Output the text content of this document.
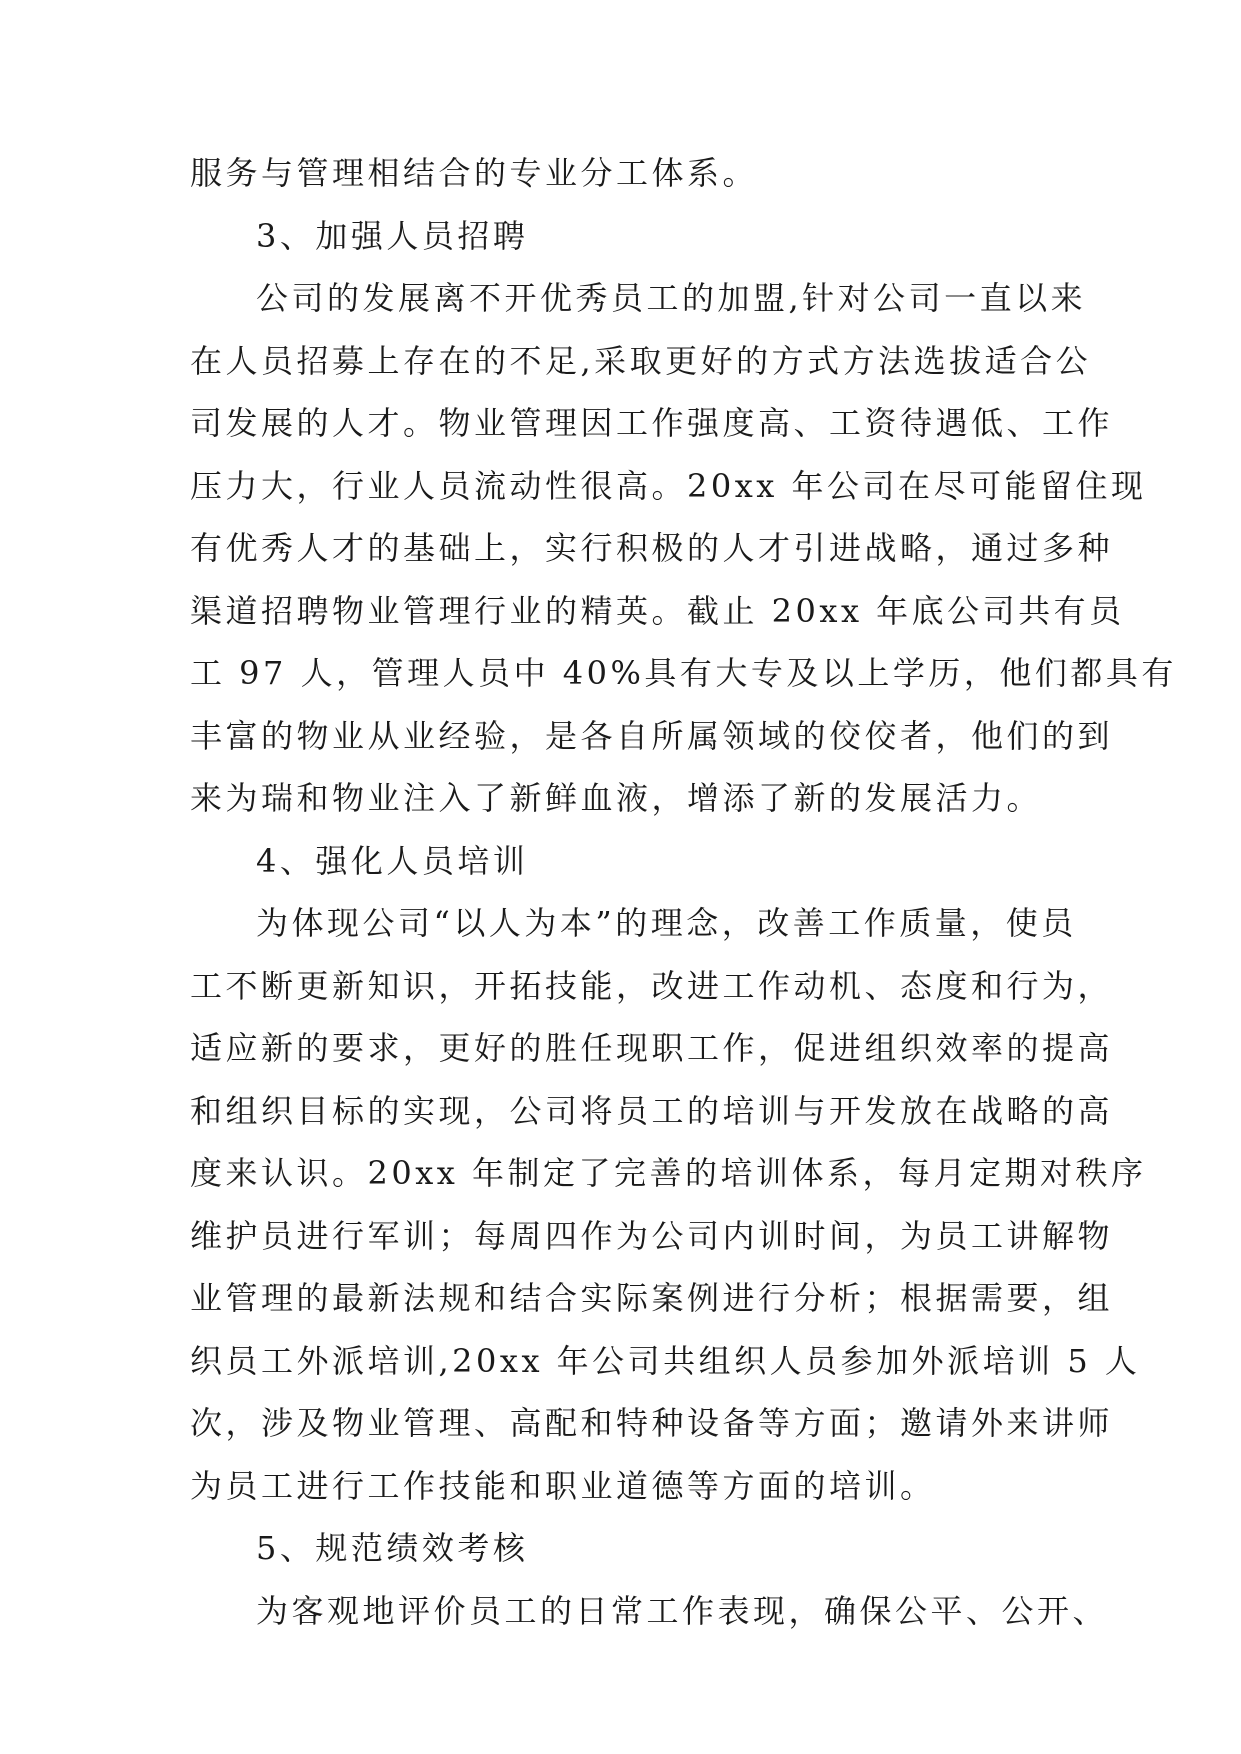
服务与管理相结合的专业分工体系。
3、加强人员招聘
公司的发展离不开优秀员工的加盟,针对公司一直以来
在人员招募上存在的不足,采取更好的方式方法选拔适合公
司发展的人才。物业管理因工作强度高、工资待遇低、工作
压力大，行业人员流动性很高。20xx 年公司在尽可能留住现
有优秀人才的基础上，实行积极的人才引进战略，通过多种
渠道招聘物业管理行业的精英。截止 20xx 年底公司共有员
工 97 人，管理人员中 40%具有大专及以上学历，他们都具有
丰富的物业从业经验，是各自所属领域的佼佼者，他们的到
来为瑞和物业注入了新鲜血液，增添了新的发展活力。
4、强化人员培训
为体现公司“以人为本”的理念，改善工作质量，使员
工不断更新知识，开拓技能，改进工作动机、态度和行为，
适应新的要求，更好的胜任现职工作，促进组织效率的提高
和组织目标的实现，公司将员工的培训与开发放在战略的高
度来认识。20xx 年制定了完善的培训体系，每月定期对秩序
维护员进行军训；每周四作为公司内训时间，为员工讲解物
业管理的最新法规和结合实际案例进行分析；根据需要，组
织员工外派培训,20xx 年公司共组织人员参加外派培训 5 人
次，涉及物业管理、高配和特种设备等方面；邀请外来讲师
为员工进行工作技能和职业道德等方面的培训。
5、规范绩效考核
为客观地评价员工的日常工作表现，确保公平、公开、
